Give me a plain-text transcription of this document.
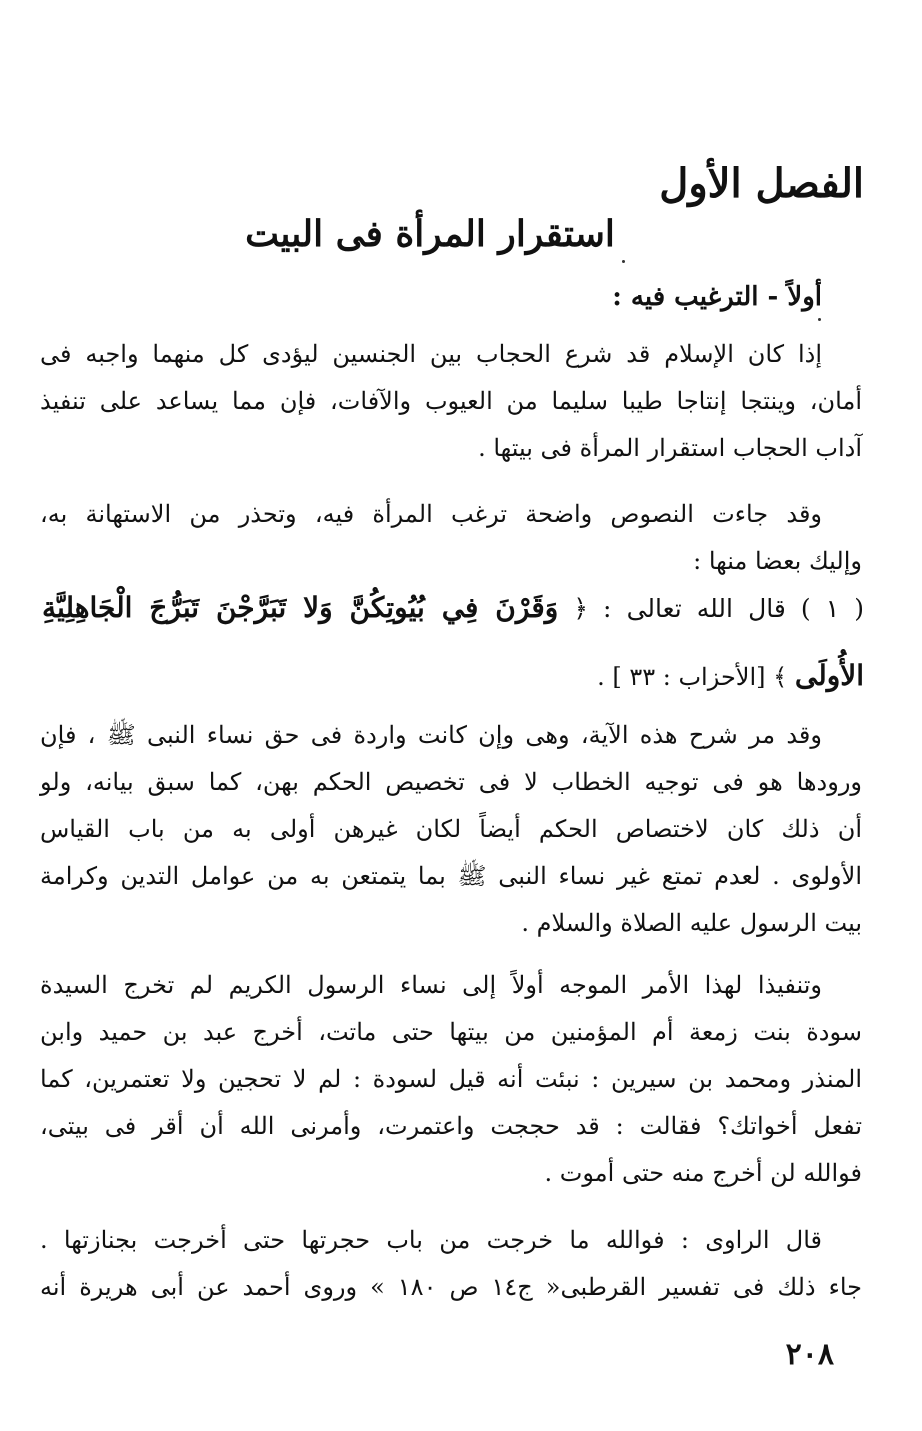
الفصل الأول
استقرار المرأة فى البيت
أولاً - الترغيب فيه :
إذا كان الإسلام قد شرع الحجاب بين الجنسين ليؤدى كل منهما واجبه فى
أمان، وينتجا إنتاجا طيبا سليما من العيوب والآفات، فإن مما يساعد على تنفيذ
آداب الحجاب استقرار المرأة فى بيتها .
وقد جاءت النصوص واضحة ترغب المرأة فيه، وتحذر من الاستهانة به،
وإليك بعضا منها :
( ١ ) قال الله تعالى : ﴿ وَقَرْنَ فِي بُيُوتِكُنَّ وَلا تَبَرَّجْنَ تَبَرُّجَ الْجَاهِلِيَّةِ
الأُولَى ﴾ [الأحزاب : ٣٣ ] .
وقد مر شرح هذه الآية، وهى وإن كانت واردة فى حق نساء النبى ﷺ ، فإن
ورودها هو فى توجيه الخطاب لا فى تخصيص الحكم بهن، كما سبق بيانه، ولو
أن ذلك كان لاختصاص الحكم أيضاً لكان غيرهن أولى به من باب القياس
الأولوى . لعدم تمتع غير نساء النبى ﷺ بما يتمتعن به من عوامل التدين وكرامة
بيت الرسول عليه الصلاة والسلام .
وتنفيذا لهذا الأمر الموجه أولاً إلى نساء الرسول الكريم لم تخرج السيدة
سودة بنت زمعة أم المؤمنين من بيتها حتى ماتت، أخرج عبد بن حميد وابن
المنذر ومحمد بن سيرين : نبئت أنه قيل لسودة : لم لا تحجين ولا تعتمرين، كما
تفعل أخواتك؟ فقالت : قد حججت واعتمرت، وأمرنى الله أن أقر فى بيتى،
فوالله لن أخرج منه حتى أموت .
قال الراوى : فوالله ما خرجت من باب حجرتها حتى أخرجت بجنازتها .
جاء ذلك فى تفسير القرطبى« ج١٤ ص ١٨٠ » وروى أحمد عن أبى هريرة أنه
٢٠٨
